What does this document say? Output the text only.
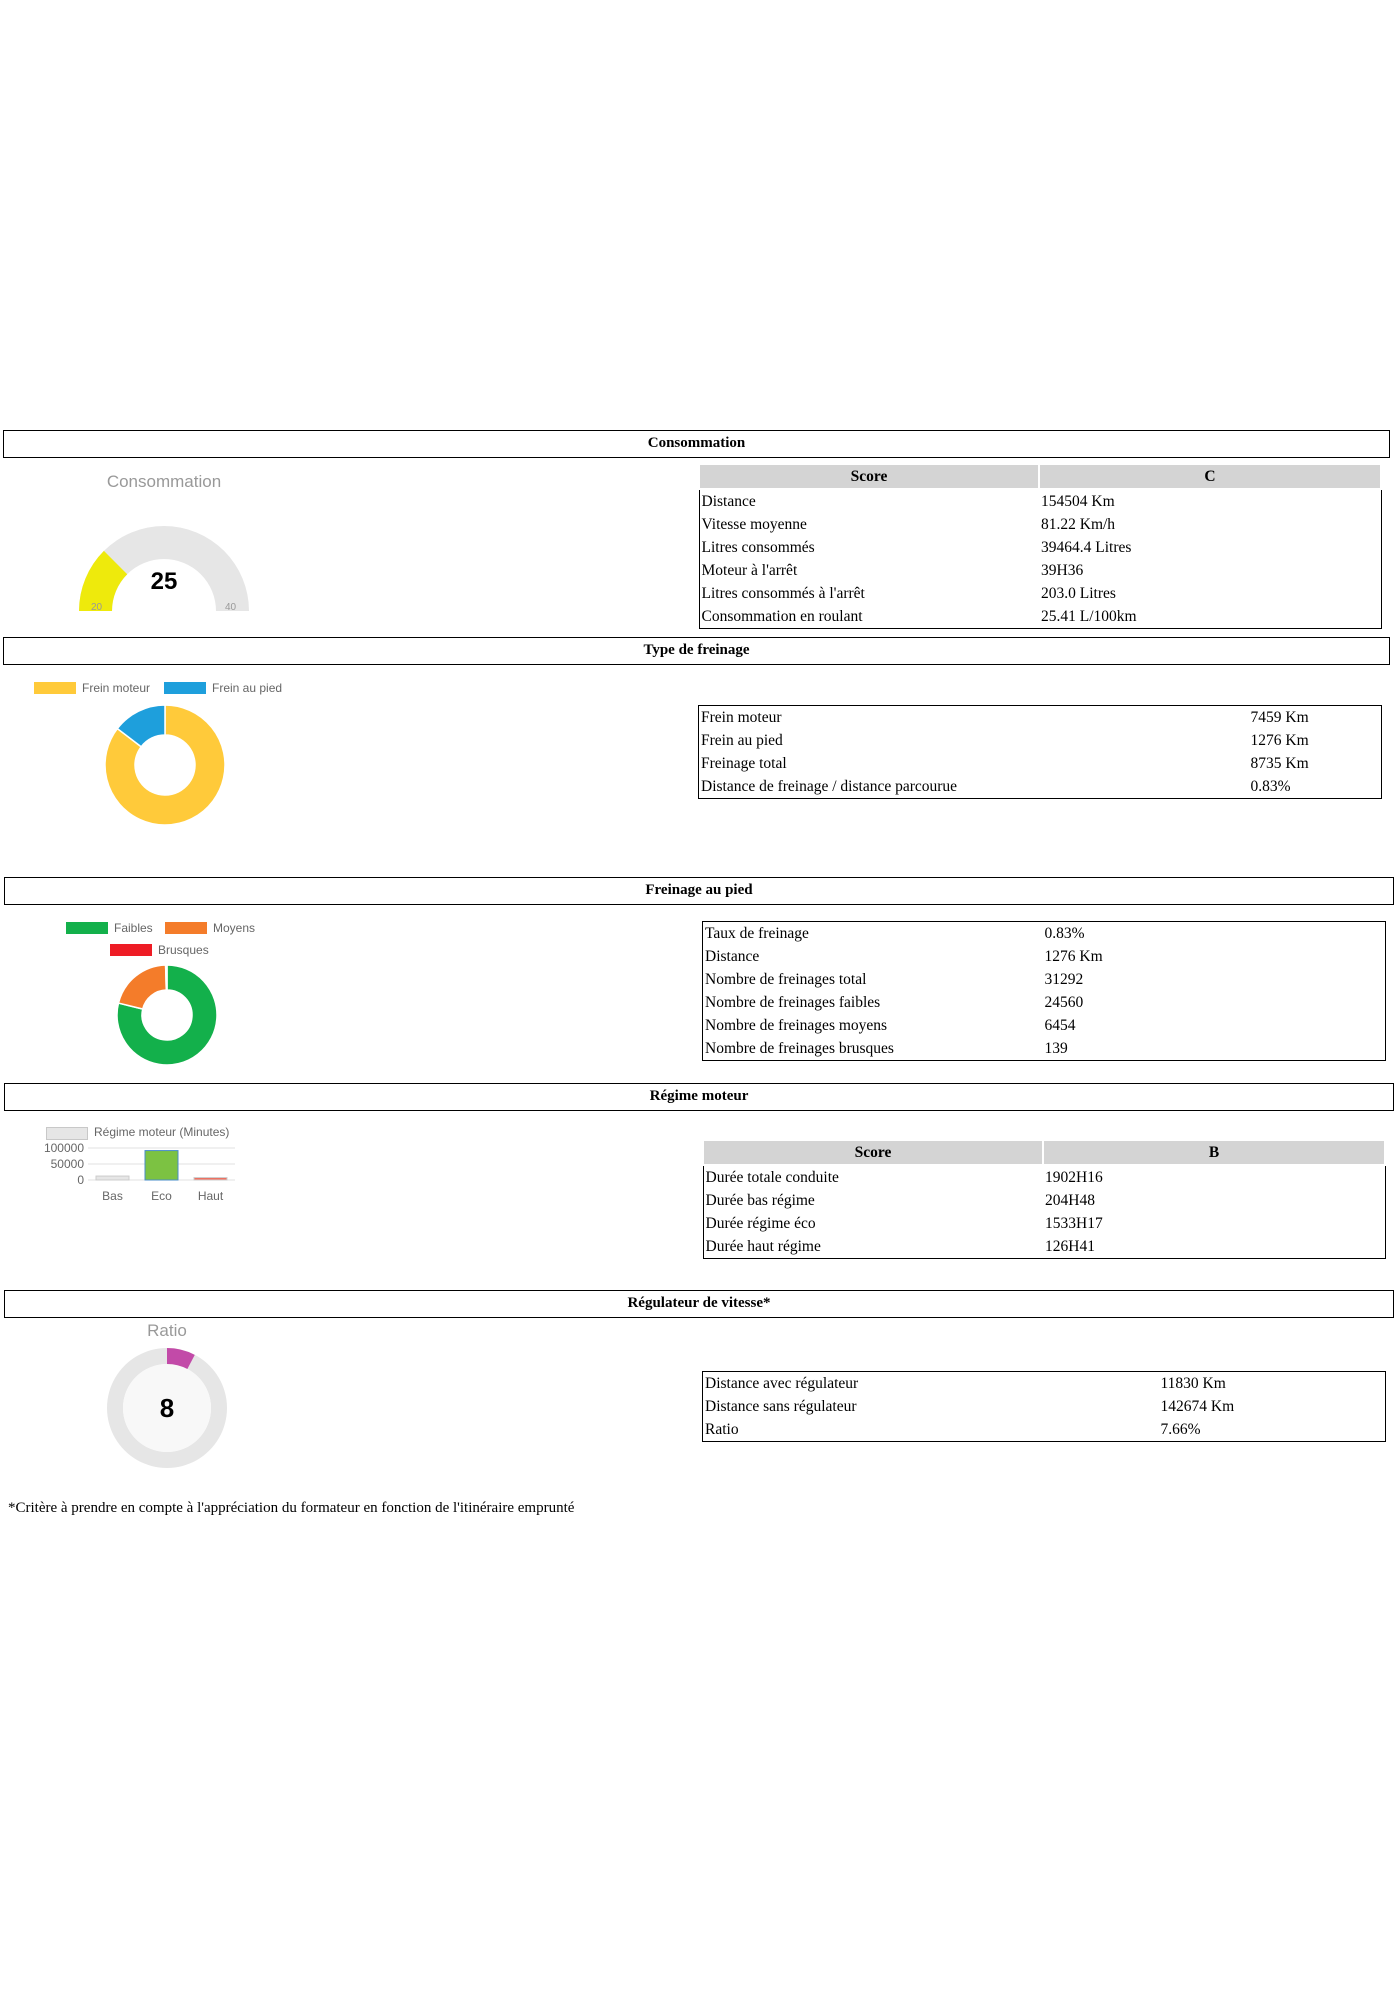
Consommation
Consommation
25
20	40
Score	C
Distance	154504 Km
Vitesse moyenne	81.22 Km/h
Litres consommés	39464.4 Litres
Moteur à l'arrêt	39H36
Litres consommés à l'arrêt	203.0 Litres
Consommation en roulant	25.41 L/100km
Type de freinage
Frein moteur	Frein au pied
Frein moteur	7459 Km
Frein au pied	1276 Km
Freinage total	8735 Km
Distance de freinage / distance parcourue	0.83%
Freinage au pied
Faibles	Moyens
Brusques
Taux de freinage	0.83%
Distance	1276 Km
Nombre de freinages total	31292
Nombre de freinages faibles	24560
Nombre de freinages moyens	6454
Nombre de freinages brusques	139
Régime moteur
Régime moteur (Minutes)
100000
50000
0
Bas Eco Haut
Score	B
Durée totale conduite	1902H16
Durée bas régime	204H48
Durée régime éco	1533H17
Durée haut régime	126H41
Régulateur de vitesse*
Ratio
8
Distance avec régulateur	11830 Km
Distance sans régulateur	142674 Km
Ratio	7.66%
*Critère à prendre en compte à l'appréciation du formateur en fonction de l'itinéraire emprunté
